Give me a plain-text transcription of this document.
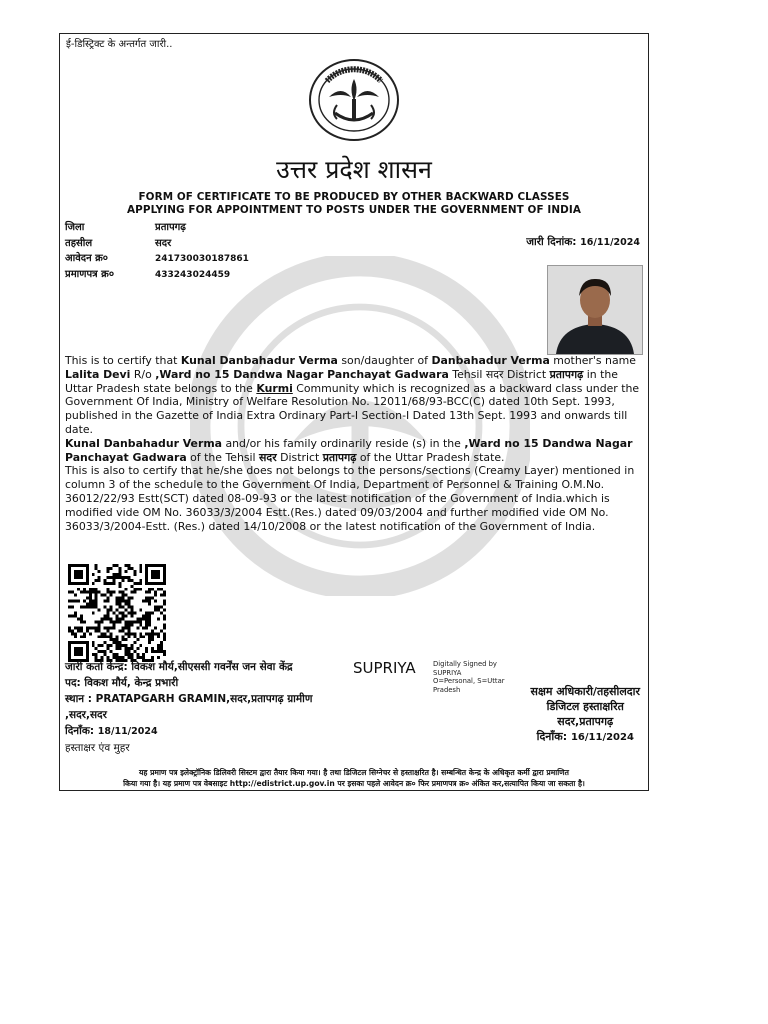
ई-डिस्ट्रिक्ट के अन्तर्गत जारी..
उत्तर प्रदेश शासन
FORM OF CERTIFICATE TO BE PRODUCED BY OTHER BACKWARD CLASSES
APPLYING FOR APPOINTMENT TO POSTS UNDER THE GOVERNMENT OF INDIA
जिला	प्रतापगढ़
तहसील	सदर
आवेदन क्र०	241730030187861
प्रमाणपत्र क्र०	433243024459
जारी दिनांक: 16/11/2024
This is to certify that Kunal Danbahadur Verma son/daughter of Danbahadur Verma mother's name Lalita Devi R/o ,Ward no 15 Dandwa Nagar Panchayat Gadwara Tehsil सदर District प्रतापगढ़ in the Uttar Pradesh state belongs to the Kurmi Community which is recognized as a backward class under the Government Of India, Ministry of Welfare Resolution No. 12011/68/93-BCC(C) dated 10th Sept. 1993, published in the Gazette of India Extra Ordinary Part-I Section-I Dated 13th Sept. 1993 and onwards till date.
Kunal Danbahadur Verma and/or his family ordinarily reside (s) in the ,Ward no 15 Dandwa Nagar Panchayat Gadwara of the Tehsil सदर District प्रतापगढ़ of the Uttar Pradesh state.
This is also to certify that he/she does not belongs to the persons/sections (Creamy Layer) mentioned in column 3 of the schedule to the Government Of India, Department of Personnel & Training O.M.No. 36012/22/93 Estt(SCT) dated 08-09-93 or the latest notification of the Government of India.which is modified vide OM No. 36033/3/2004 Estt.(Res.) dated 09/03/2004 and further modified vide OM No. 36033/3/2004-Estt. (Res.) dated 14/10/2008 or the latest notification of the Government of India.
जारी कर्ता केन्द्र: विकश मौर्य,सीएससी गवर्नेंस जन सेवा केंद्र
पद: विकश मौर्य, केन्द्र प्रभारी
स्थान : PRATAPGARH GRAMIN,सदर,प्रतापगढ़ ग्रामीण
,सदर,सदर
दिनाँक: 18/11/2024
हस्ताक्षर एंव मुहर
SUPRIYA	Digitally Signed by
SUPRIYA
O=Personal, S=Uttar
Pradesh	सक्षम अधिकारी/तहसीलदार
डिजिटल हस्ताक्षरित
सदर,प्रतापगढ़
दिनाँक: 16/11/2024
यह प्रमाण पत्र इलेक्ट्रॉनिक डिलिवरी सिस्टम द्वारा तैयार किया गया। है तथा डिजिटल सिग्नेचर से हस्ताक्षरित है। सम्बन्धित केन्द्र के अधिकृत कर्मी द्वारा प्रमाणित
किया गया है। यह प्रमाण पत्र वेबसाइट http://edistrict.up.gov.in पर इसका पहले आवेदन क्र० फिर प्रमाणपत्र क्र० अंकित कर,सत्यापित किया जा सकता है।
